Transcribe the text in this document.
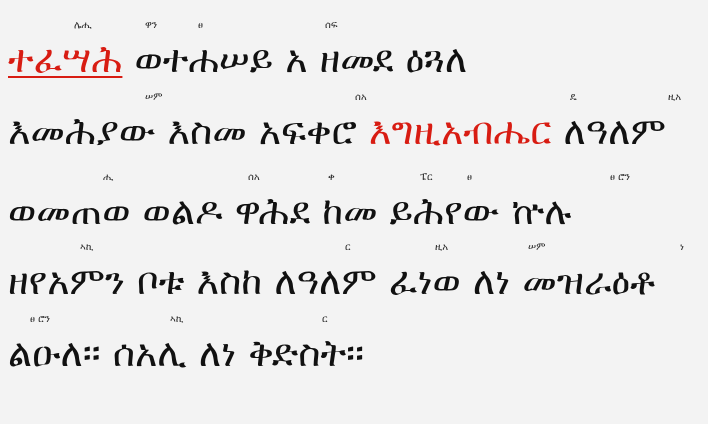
ሌሒ	ዋን	ፀ	ሰፍ
ተፈሣሕ ወተሐሠይ አ ዘመደ ዕጓለ
ሠም	ሰአ	ዴ	ዚአ
እመሕያው እስመ አፍቀሮ እግዚአብሔር ለዓለም
ሒ	ሰአ	ቀ	ፔር	ፀ	ፀ ሮን
ወመጠወ ወልዶ ዋሕደ ከመ ይሕየው ኵሉ
ኣኪ	ር	ዚአ	ሠም	ነ
ዘየአምን ቦቱ እስከ ለዓለም ፈነወ ለነ መዝራዕቶ
ፀ ሮን	ኣኪ	ር
ልዑለ፡፡ ሰአሊ ለነ ቅድስት፡፡
